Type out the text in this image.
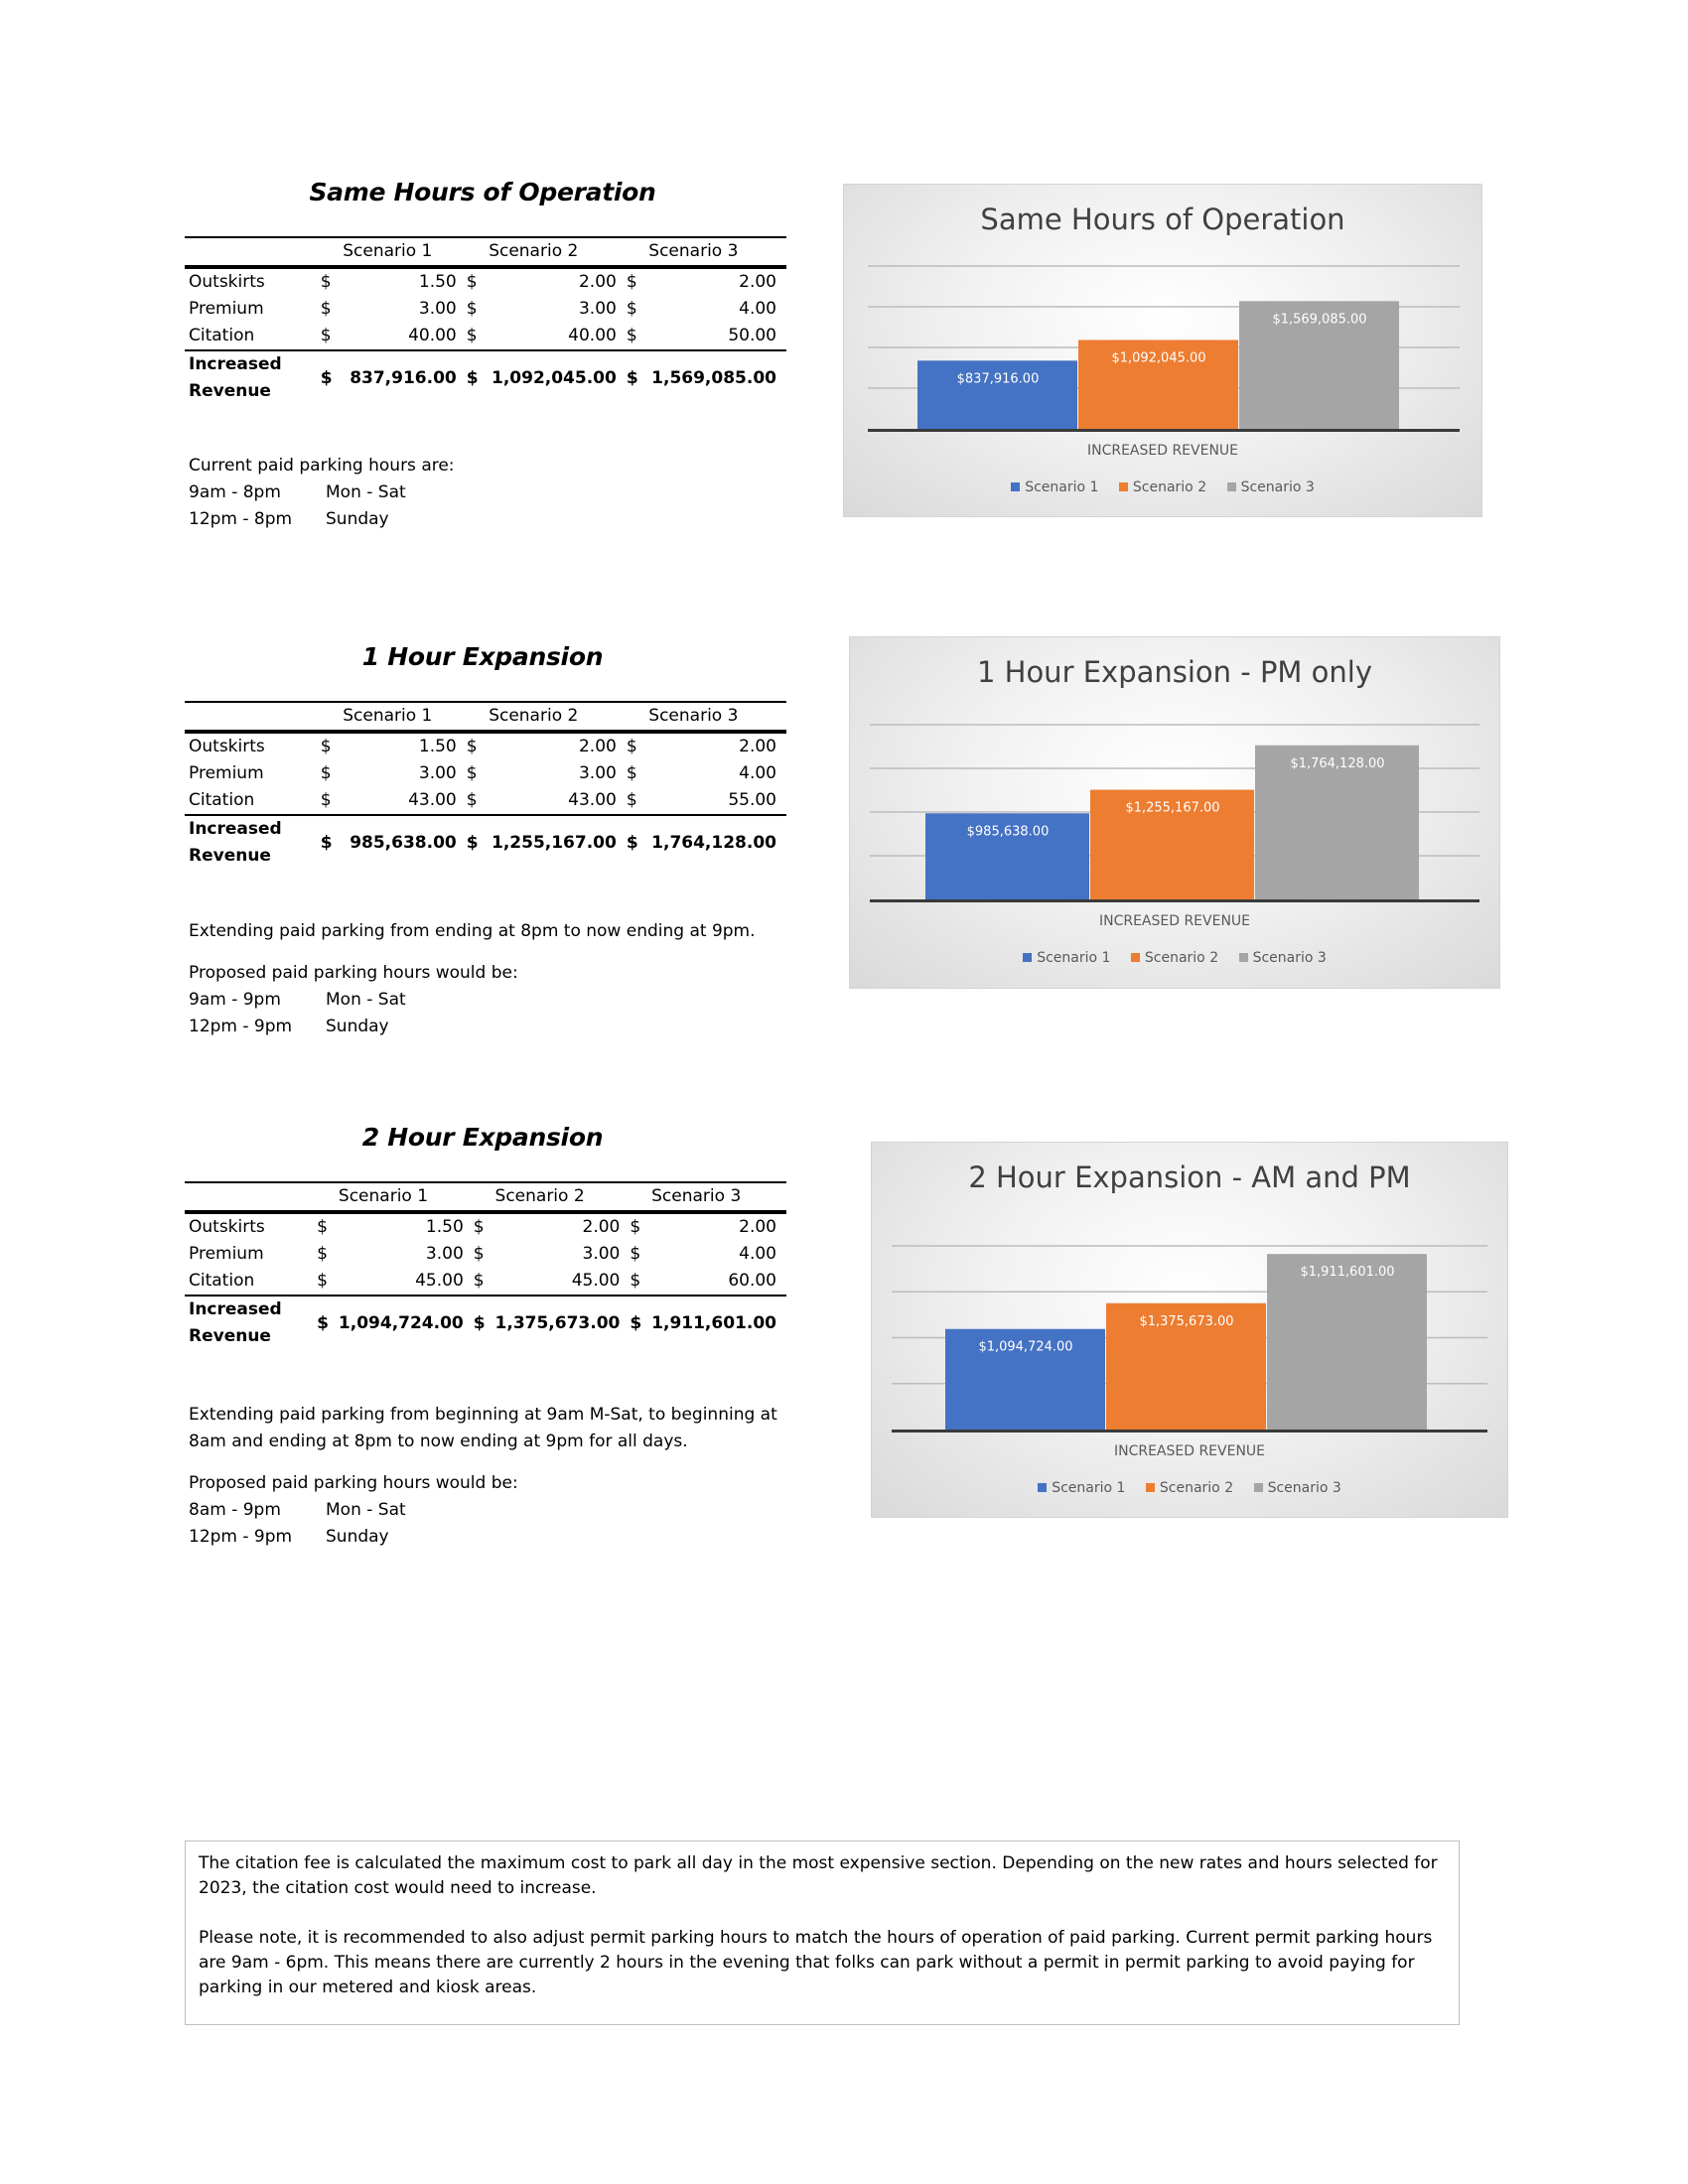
Same Hours of Operation
		Scenario 1		Scenario 2		Scenario 3
Outskirts	$	1.50	$	2.00	$	2.00
Premium	$	3.00	$	3.00	$	4.00
Citation	$	40.00	$	40.00	$	50.00

Increased
Revenue	$	837,916.00	$	1,092,045.00	$	1,569,085.00
Current paid parking hours are:
9am - 8pm	Mon - Sat
12pm - 8pm Sunday
1 Hour Expansion
		Scenario 1		Scenario 2		Scenario 3
Outskirts	$	1.50	$	2.00	$	2.00
Premium	$	3.00	$	3.00	$	4.00
Citation	$	43.00	$	43.00	$	55.00

Increased
Revenue	$	985,638.00	$	1,255,167.00	$	1,764,128.00
Extending paid parking from ending at 8pm to now ending at 9pm.
Proposed paid parking hours would be:
9am - 9pm	Mon - Sat
12pm - 9pm Sunday
2 Hour Expansion
		Scenario 1		Scenario 2		Scenario 3
Outskirts	$	1.50	$	2.00	$	2.00
Premium	$	3.00	$	3.00	$	4.00
Citation	$	45.00	$	45.00	$	60.00

Increased
Revenue	$	1,094,724.00	$	1,375,673.00	$	1,911,601.00
Extending paid parking from beginning at 9am M-Sat, to beginning at
8am and ending at 8pm to now ending at 9pm for all days.
Proposed paid parking hours would be:
8am - 9pm	Mon - Sat
12pm - 9pm Sunday
Same Hours of Operation
$837,916.00
$1,092,045.00
$1,569,085.00
INCREASED REVENUE
Scenario 1 Scenario 2 Scenario 3
1 Hour Expansion - PM only
$985,638.00
$1,255,167.00
$1,764,128.00
INCREASED REVENUE
Scenario 1 Scenario 2 Scenario 3
2 Hour Expansion - AM and PM
$1,094,724.00
$1,375,673.00
$1,911,601.00
INCREASED REVENUE
Scenario 1 Scenario 2 Scenario 3

The citation fee is calculated the maximum cost to park all day in the most expensive section. Depending on the new rates and hours selected for 2023, the citation cost would need to increase.

Please note, it is recommended to also adjust permit parking hours to match the hours of operation of paid parking. Current permit parking hours are 9am - 6pm. This means there are currently 2 hours in the evening that folks can park without a permit in permit parking to avoid paying for parking in our metered and kiosk areas.
